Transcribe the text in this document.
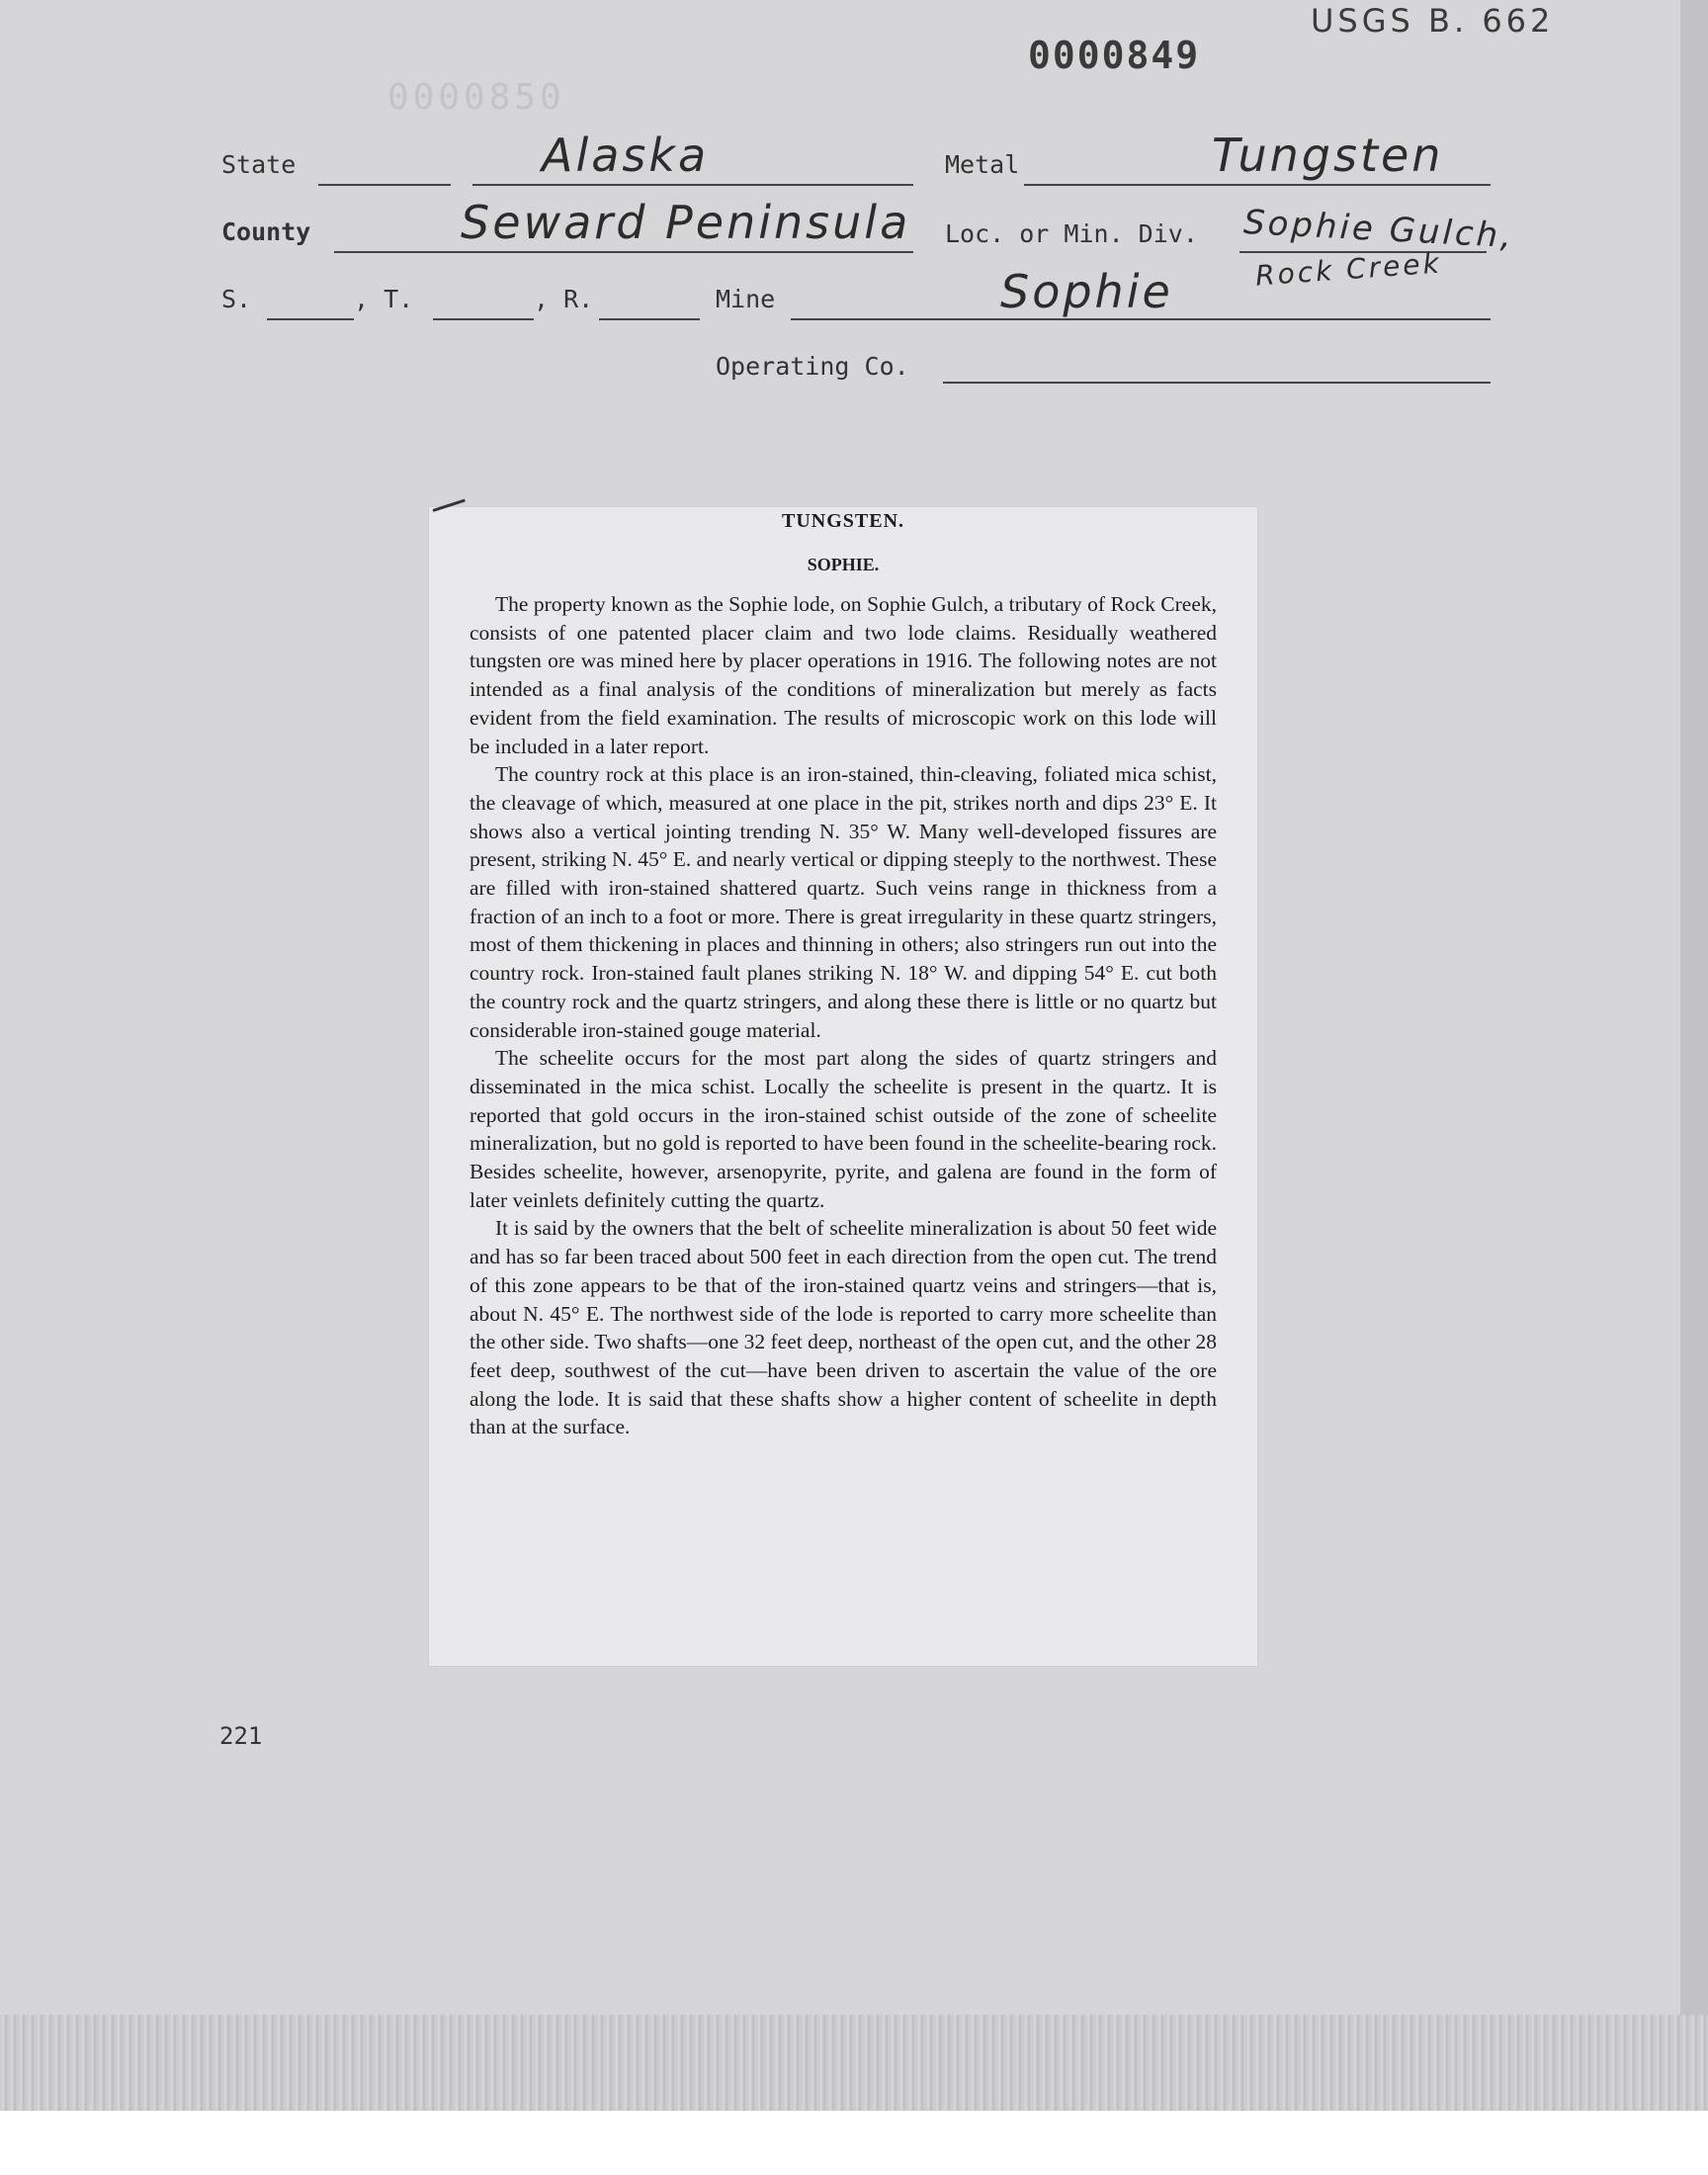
0000850
0000849
USGS B. 662
State	Alaska	Metal	Tungsten
County	Seward Peninsula Loc. or Min. Div. Sophie Gulch,
Rock Creek
S.	, T.	, R.	Mine	Sophie
Operating Co.
TUNGSTEN.
SOPHIE.

The property known as the Sophie lode, on Sophie Gulch, a tributary of Rock Creek, consists of one patented placer claim and two lode claims. Residually weathered tungsten ore was mined here by placer operations in 1916. The following notes are not intended as a final analysis of the conditions of mineralization but merely as facts evident from the field examination. The results of microscopic work on this lode will be included in a later report.

The country rock at this place is an iron-stained, thin-cleaving, foliated mica schist, the cleavage of which, measured at one place in the pit, strikes north and dips 23° E. It shows also a vertical jointing trending N. 35° W. Many well-developed fissures are present, striking N. 45° E. and nearly vertical or dipping steeply to the northwest. These are filled with iron-stained shattered quartz. Such veins range in thickness from a fraction of an inch to a foot or more. There is great irregularity in these quartz stringers, most of them thickening in places and thinning in others; also stringers run out into the country rock. Iron-stained fault planes striking N. 18° W. and dipping 54° E. cut both the country rock and the quartz stringers, and along these there is little or no quartz but considerable iron-stained gouge material.

The scheelite occurs for the most part along the sides of quartz stringers and disseminated in the mica schist. Locally the scheelite is present in the quartz. It is reported that gold occurs in the iron-stained schist outside of the zone of scheelite mineralization, but no gold is reported to have been found in the scheelite-bearing rock. Besides scheelite, however, arsenopyrite, pyrite, and galena are found in the form of later veinlets definitely cutting the quartz.

It is said by the owners that the belt of scheelite mineralization is about 50 feet wide and has so far been traced about 500 feet in each direction from the open cut. The trend of this zone appears to be that of the iron-stained quartz veins and stringers—that is, about N. 45° E. The northwest side of the lode is reported to carry more scheelite than the other side. Two shafts—one 32 feet deep, northeast of the open cut, and the other 28 feet deep, southwest of the cut—have been driven to ascertain the value of the ore along the lode. It is said that these shafts show a higher content of scheelite in depth than at the surface.

221
